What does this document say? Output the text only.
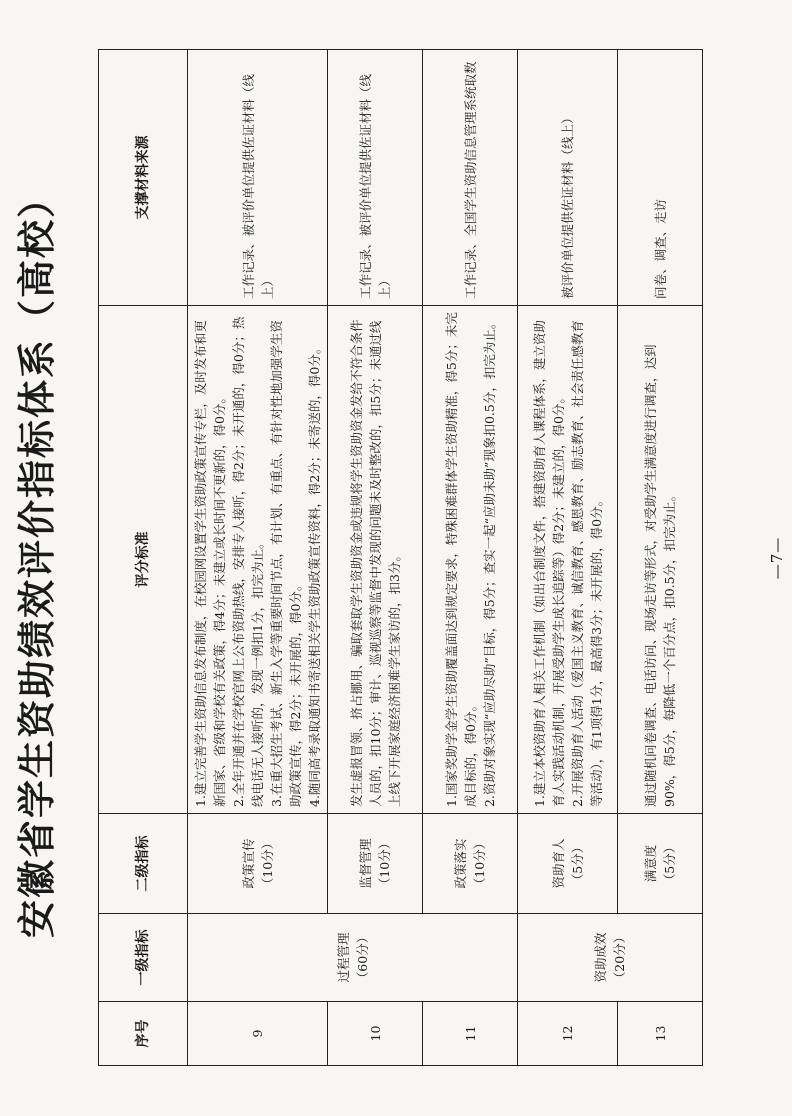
安徽省学生资助绩效评价指标体系（高校）
序号	一级指标	二级指标	评分标准	支撑材料来源
9	过程管理 （60分）	政策宣传 （10分）	1.建立完善学生资助信息发布制度，在校园网设置学生资助政策宣传专栏，及时发布和更新国家、省级和学校有关政策，得4分；未建立或长时间不更新的，得0分。 2.全年开通并在学校官网上公布资助热线，安排专人接听，得2分；未开通的，得0分；热线电话无人接听的，发现一例扣1分，扣完为止。 3.在重大招生考试、新生入学等重要时间节点，有计划、有重点、有针对性地加强学生资助政策宣传，得2分；未开展的，得0分。 4.随同高考录取通知书寄送相关学生资助政策宣传资料，得2分；未寄送的，得0分。	工作记录、被评价单位提供佐证材料（线上）
10		监督管理 （10分）	发生虚报冒领、挤占挪用、骗取套取学生资助资金或违规将学生资助资金发给不符合条件人员的，扣10分；审计、巡视巡察等监督中发现的问题未及时整改的，扣5分；未通过线上线下开展家庭经济困难学生家访的，扣3分。	工作记录、被评价单位提供佐证材料（线上）
11		政策落实 （10分）	1.国家奖助学金学生资助覆盖面达到规定要求，特殊困难群体学生资助精准，得5分；未完成目标的，得0分。 2.资助对象实现“应助尽助”目标，得5分；查实一起“应助未助”现象扣0.5分，扣完为止。	工作记录、全国学生资助信息管理系统取数
12	资助成效 （20分）	资助育人 （5分）	1.建立本校资助育人相关工作机制（如出台制度文件，搭建资助育人课程体系，建立资助育人实践活动机制，开展受助学生成长追踪等）得2分；未建立的，得0分。 2.开展资助育人活动（爱国主义教育、诚信教育、感恩教育、励志教育、社会责任感教育等活动），有1项得1分，最高得3分；未开展的，得0分。	被评价单位提供佐证材料（线上）
13		满意度 （5分）	通过随机问卷调查、电话访问、现场走访等形式，对受助学生满意度进行调查，达到90%，得5分，每降低一个百分点，扣0.5分，扣完为止。	问卷、调查、走访
—7—
